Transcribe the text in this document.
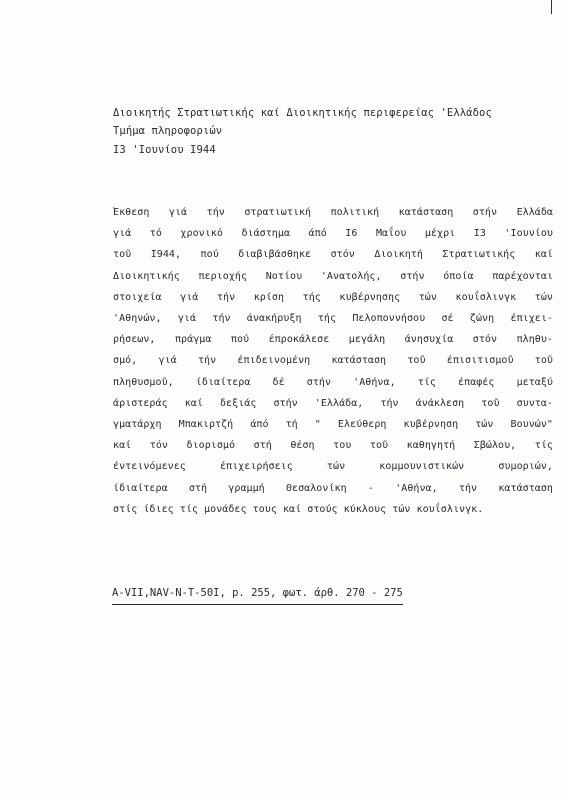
Διοικητής Στρατιωτικής καί Διοικητικής περιφερείας 'Ελλάδος
Τμήμα πληροφοριών
I3 'Ιουνίου I944
Έκθεση γιά τήν στρατιωτική πολιτική κατάσταση στήν Ελλάδα
γιά τό χρονικό διάστημα άπό I6 Μαΐου μέχρι I3 'Ιουνίου
τοῦ I944, πού διαβιβάσθηκε στόν Διοικητή Στρατιωτικής καί
Διοικητικής περιοχής Νοτίου 'Ανατολής, στήν όποία παρέχονται
στοιχεία γιά τήν κρίση τής κυβέρνησης τών κουΐσλινγκ τών
'Αθηνών, γιά τήν άνακήρυξη τής Πελοποννήσου σέ ζώνη έπιχει-
ρήσεων, πράγμα πού έπροκάλεσε μεγάλη άνησυχία στόν πληθυ-
σμό, γιά τήν έπιδεινομένη κατάσταση τοῦ έπισιτισμοῦ τοῦ
πληθυσμοῦ, ίδιαίτερα δέ στήν 'Αθήνα, τίς έπαφές μεταξύ
άριστεράς καί δεξιάς στήν 'Ελλάδα, τήν άνάκλεση τοῦ συντα-
γματάρχη Μπακιρτζή άπό τή " Ελεύθερη κυβέρνηση τών Βουνών"
καί τόν διορισμό στή θέση του τοῦ καθηγητή Σβώλου, τίς
έντεινόμενες έπιχειρήσεις τών κομμουνιστικών συμοριών,
ίδιαίτερα στή γραμμή Θεσαλονίκη - 'Αθήνα, τήν κατάσταση
στίς ίδιες τίς μονάδες τους καί στούς κύκλους τών κουΐσλινγκ.
A-VII,NAV-N-T-50I, p. 255, φωτ. άρθ. 270 - 275
